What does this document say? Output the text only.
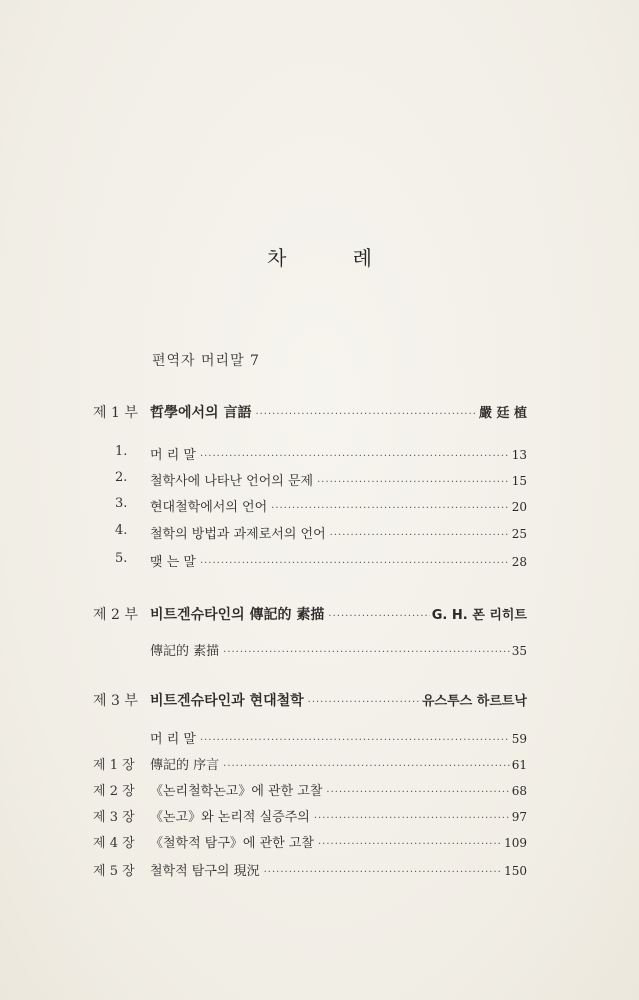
차 례
편역자 머리말 7
제 1 부 哲學에서의 言語 ·····	嚴 廷 植
1. 머 리 말 ·····	13
2. 철학사에 나타난 언어의 문제 ·····	15
3. 현대철학에서의 언어 ·····	20
4. 철학의 방법과 과제로서의 언어 ·····	25
5. 맺 는 말 ·····	28
제 2 부 비트겐슈타인의 傳記的 素描 ·····	G. H. 폰 리히트
傳記的 素描 ·····	35
제 3 부 비트겐슈타인과 현대철학 ·····	유스투스 하르트낙
머 리 말 ·····	59
제 1 장 傳記的 序言 ·····	61
제 2 장 《논리철학논고》에 관한 고찰 ·····	68
제 3 장 《논고》와 논리적 실증주의 ·····	97
제 4 장 《철학적 탐구》에 관한 고찰 ·····	109
제 5 장 철학적 탐구의 現況 ·····	150
